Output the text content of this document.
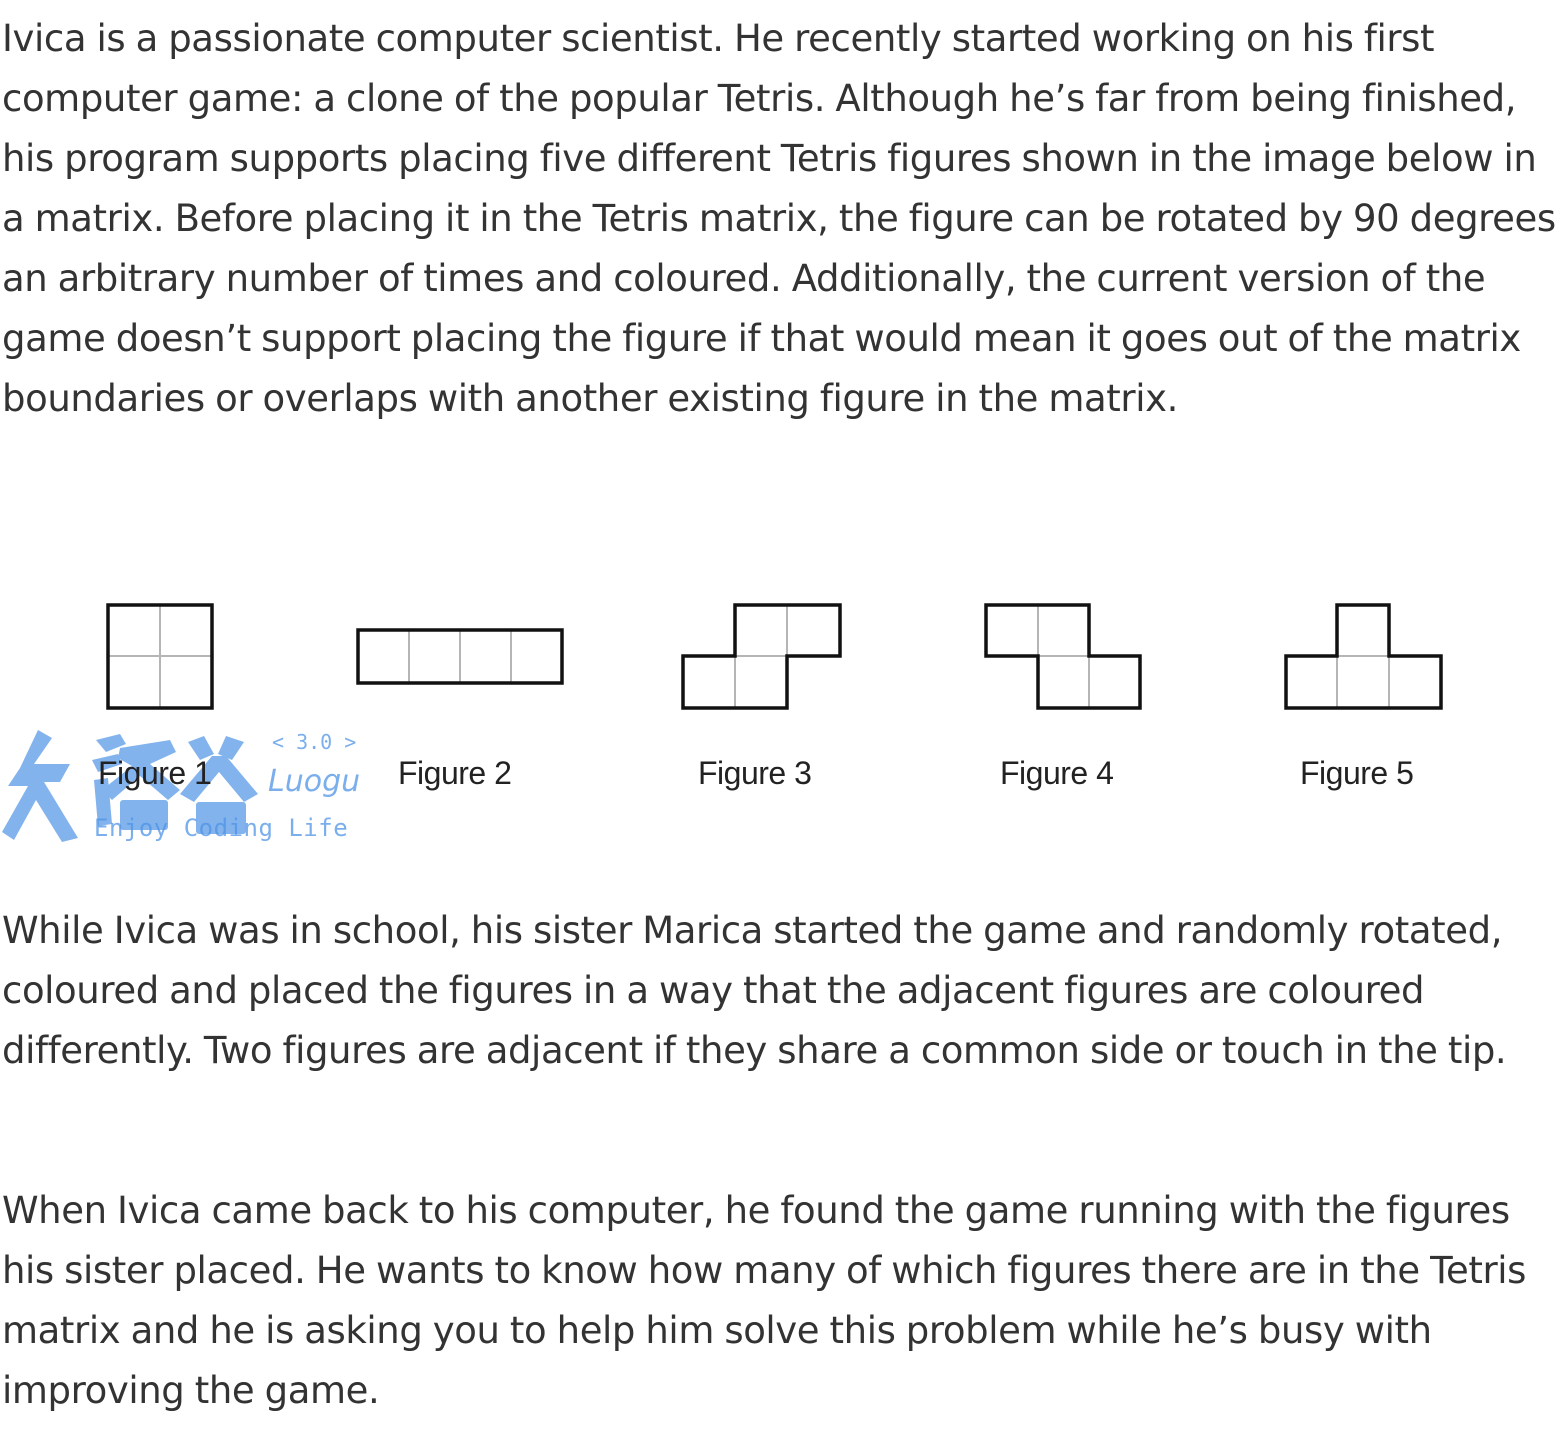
Ivica is a passionate computer scientist. He recently started working on his first computer game: a clone of the popular Tetris. Although he’s far from being finished, his program supports placing five different Tetris figures shown in the image below in a matrix. Before placing it in the Tetris matrix, the figure can be rotated by 90 degrees an arbitrary number of times and coloured. Additionally, the current version of the game doesn’t support placing the figure if that would mean it goes out of the matrix boundaries or overlaps with another existing figure in the matrix.

< 3.0 >
Luogu
Enjoy Coding Life
Figure 1	Figure 2	Figure 3	Figure 4	Figure 5

While Ivica was in school, his sister Marica started the game and randomly rotated, coloured and placed the figures in a way that the adjacent figures are coloured differently. Two figures are adjacent if they share a common side or touch in the tip.

When Ivica came back to his computer, he found the game running with the figures his sister placed. He wants to know how many of which figures there are in the Tetris matrix and he is asking you to help him solve this problem while he’s busy with improving the game.
